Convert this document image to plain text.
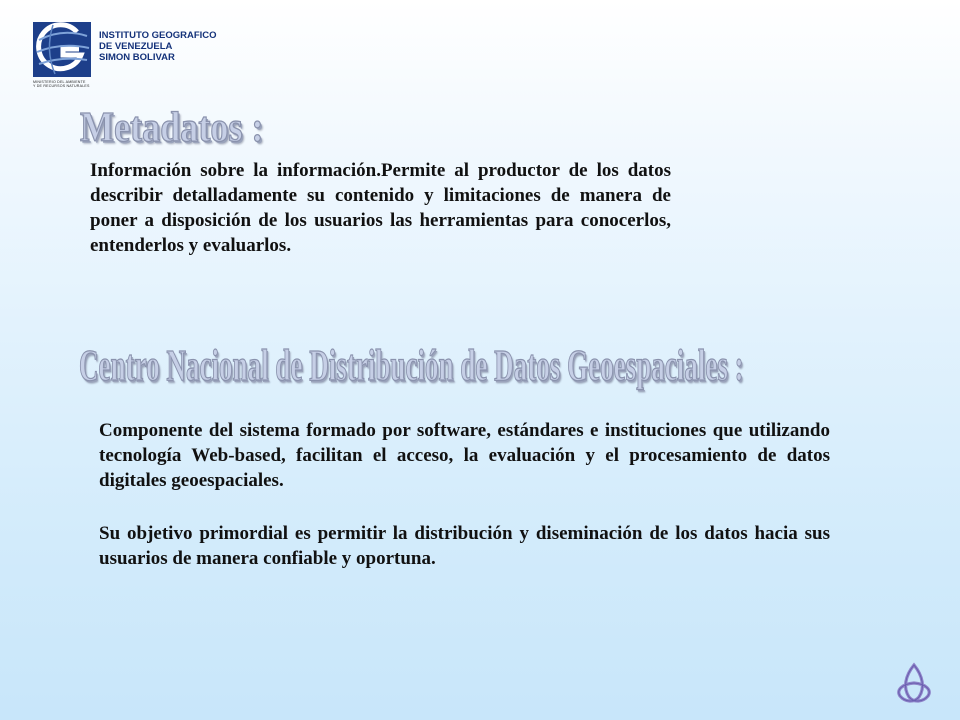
MINISTERIO DEL AMBIENTE
Y DE RECURSOS NATURALES
INSTITUTO GEOGRAFICO
DE VENEZUELA
SIMON BOLIVAR
Metadatos :

Información sobre la información.Permite al productor de los datos describir detalladamente su contenido y limitaciones de manera de poner a disposición de los usuarios las herramientas para conocerlos, entenderlos y evaluarlos.

Centro Nacional de Distribución de Datos Geoespaciales :

Componente del sistema formado por software, estándares e instituciones que utilizando tecnología Web-based, facilitan el acceso, la evaluación y el procesamiento de datos digitales geoespaciales.

Su objetivo primordial es permitir la distribución y diseminación de los datos hacia sus usuarios de manera confiable y oportuna.
